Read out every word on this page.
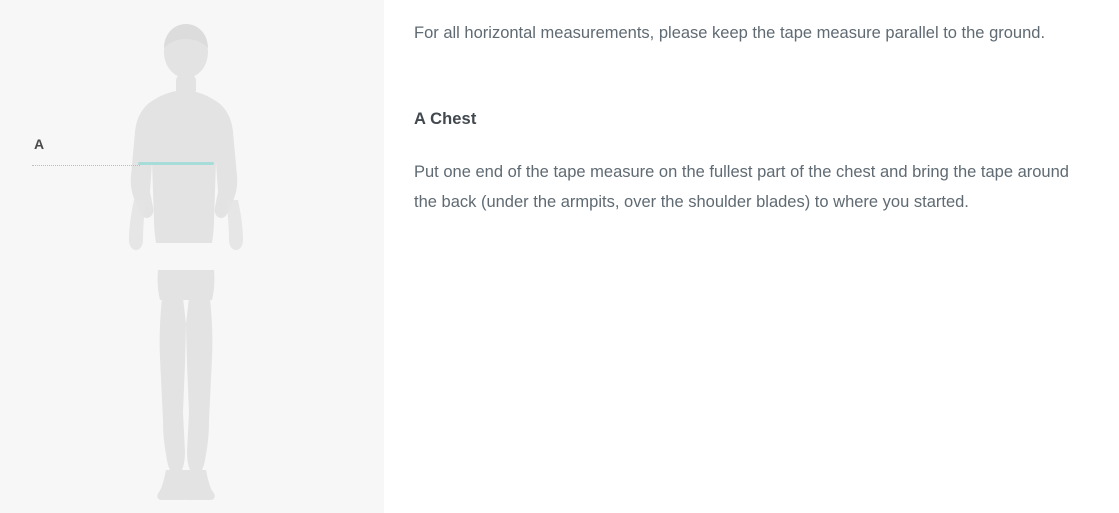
A

For all horizontal measurements, please keep the tape measure parallel to the ground.

A Chest

Put one end of the tape measure on the fullest part of the chest and bring the tape around the back (under the armpits, over the shoulder blades) to where you started.
